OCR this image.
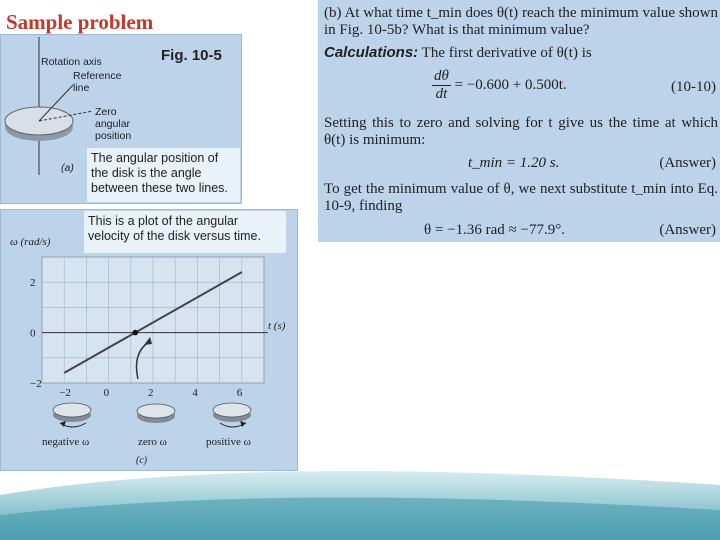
Sample problem
Fig. 10-5
Rotation axis
Reference
line
Zero
angular
position
(a)
The angular position of the disk is the angle between these two lines.
2
0
−2
−2	0	2	4	6
ω (rad/s)
t (s)
negative ω	zero ω	positive ω
(c)
This is a plot of the angular velocity of the disk versus time.
(b) At what time t_min does θ(t) reach the minimum value shown in Fig. 10-5b? What is that minimum value?
Calculations: The first derivative of θ(t) is
$\frac{d\theta}{dt} = -0.600 + 0.500t$.	(10-10)
Setting this to zero and solving for t give us the time at which θ(t) is minimum:
t_min = 1.20 s.	(Answer)
To get the minimum value of θ, we next substitute t_min into Eq. 10-9, finding
θ = −1.36 rad ≈ −77.9°.	(Answer)
